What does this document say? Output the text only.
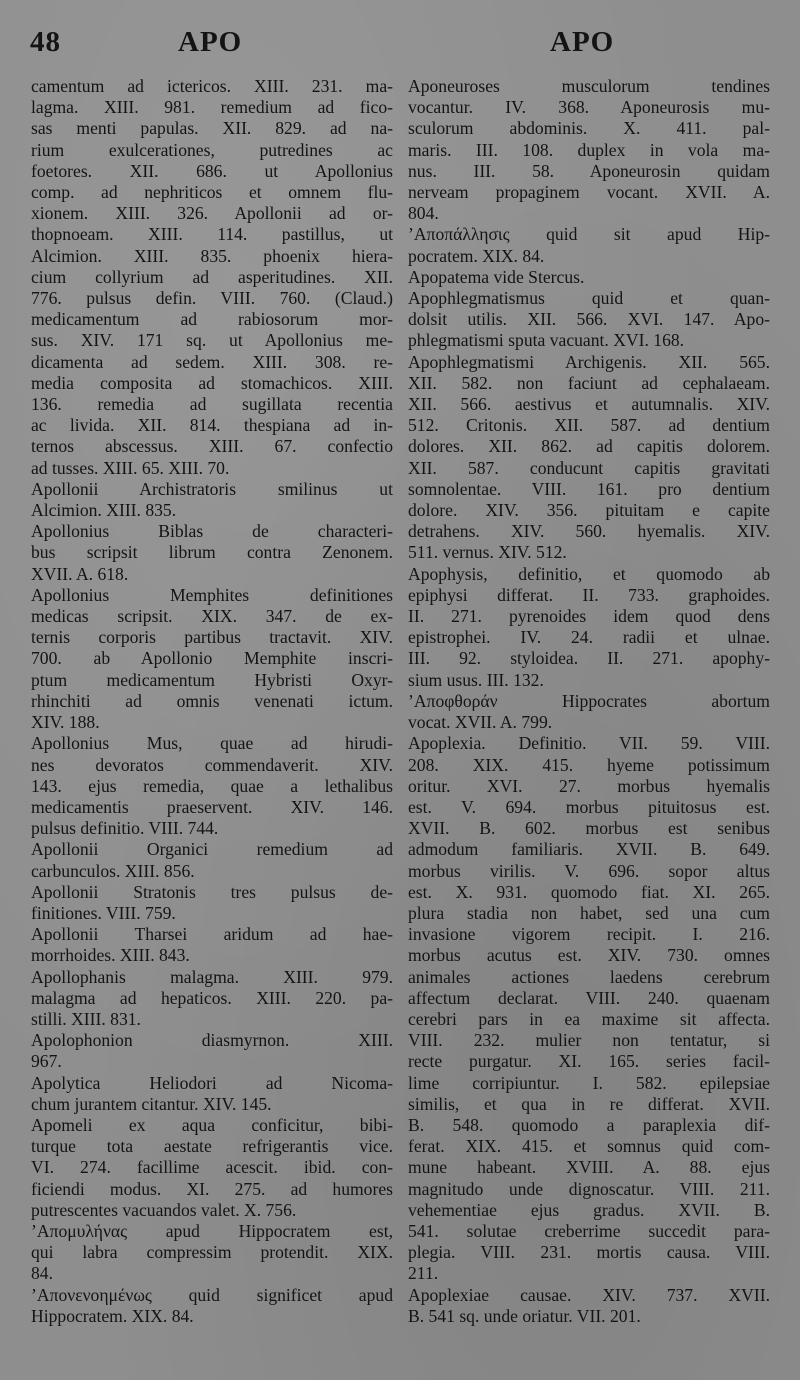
48	APO	APO
camentum ad ictericos. XIII. 231. ma-
lagma. XIII. 981. remedium ad fico-
sas menti papulas. XII. 829. ad na-
rium exulcerationes, putredines ac
foetores. XII. 686. ut Apollonius
comp. ad nephriticos et omnem flu-
xionem. XIII. 326. Apollonii ad or-
thopnoeam. XIII. 114. pastillus, ut
Alcimion. XIII. 835. phoenix hiera-
cium collyrium ad asperitudines. XII.
776. pulsus defin. VIII. 760. (Claud.)
medicamentum ad rabiosorum mor-
sus. XIV. 171 sq. ut Apollonius me-
dicamenta ad sedem. XIII. 308. re-
media composita ad stomachicos. XIII.
136. remedia ad sugillata recentia
ac livida. XII. 814. thespiana ad in-
ternos abscessus. XIII. 67. confectio
ad tusses. XIII. 65. XIII. 70.
Apollonii Archistratoris smilinus ut
Alcimion. XIII. 835.
Apollonius Biblas de characteri-
bus scripsit librum contra Zenonem.
XVII. A. 618.
Apollonius Memphites definitiones
medicas scripsit. XIX. 347. de ex-
ternis corporis partibus tractavit. XIV.
700. ab Apollonio Memphite inscri-
ptum medicamentum Hybristi Oxyr-
rhinchiti ad omnis venenati ictum.
XIV. 188.
Apollonius Mus, quae ad hirudi-
nes devoratos commendaverit. XIV.
143. ejus remedia, quae a lethalibus
medicamentis praeservent. XIV. 146.
pulsus definitio. VIII. 744.
Apollonii Organici remedium ad
carbunculos. XIII. 856.
Apollonii Stratonis tres pulsus de-
finitiones. VIII. 759.
Apollonii Tharsei aridum ad hae-
morrhoides. XIII. 843.
Apollophanis malagma. XIII. 979.
malagma ad hepaticos. XIII. 220. pa-
stilli. XIII. 831.
Apolophonion diasmyrnon. XIII.
967.
Apolytica Heliodori ad Nicoma-
chum jurantem citantur. XIV. 145.
Apomeli ex aqua conficitur, bibi-
turque tota aestate refrigerantis vice.
VI. 274. facillime acescit. ibid. con-
ficiendi modus. XI. 275. ad humores
putrescentes vacuandos valet. X. 756.
ʼΑπομυλήνας apud Hippocratem est,
qui labra compressim protendit. XIX.
84.
ʼΑπονενοημένως quid significet apud
Hippocratem. XIX. 84.
Aponeuroses musculorum tendines
vocantur. IV. 368. Aponeurosis mu-
sculorum abdominis. X. 411. pal-
maris. III. 108. duplex in vola ma-
nus. III. 58. Aponeurosin quidam
nerveam propaginem vocant. XVII. A.
804.
ʼΑποπάλλησις quid sit apud Hip-
pocratem. XIX. 84.
Apopatema vide Stercus.
Apophlegmatismus quid et quan-
dolsit utilis. XII. 566. XVI. 147. Apo-
phlegmatismi sputa vacuant. XVI. 168.
Apophlegmatismi Archigenis. XII. 565.
XII. 582. non faciunt ad cephalaeam.
XII. 566. aestivus et autumnalis. XIV.
512. Critonis. XII. 587. ad dentium
dolores. XII. 862. ad capitis dolorem.
XII. 587. conducunt capitis gravitati
somnolentae. VIII. 161. pro dentium
dolore. XIV. 356. pituitam e capite
detrahens. XIV. 560. hyemalis. XIV.
511. vernus. XIV. 512.
Apophysis, definitio, et quomodo ab
epiphysi differat. II. 733. graphoides.
II. 271. pyrenoides idem quod dens
epistrophei. IV. 24. radii et ulnae.
III. 92. styloidea. II. 271. apophy-
sium usus. III. 132.
ʼΑποφθοράν Hippocrates abortum
vocat. XVII. A. 799.
Apoplexia. Definitio. VII. 59. VIII.
208. XIX. 415. hyeme potissimum
oritur. XVI. 27. morbus hyemalis
est. V. 694. morbus pituitosus est.
XVII. B. 602. morbus est senibus
admodum familiaris. XVII. B. 649.
morbus virilis. V. 696. sopor altus
est. X. 931. quomodo fiat. XI. 265.
plura stadia non habet, sed una cum
invasione vigorem recipit. I. 216.
morbus acutus est. XIV. 730. omnes
animales actiones laedens cerebrum
affectum declarat. VIII. 240. quaenam
cerebri pars in ea maxime sit affecta.
VIII. 232. mulier non tentatur, si
recte purgatur. XI. 165. series facil-
lime corripiuntur. I. 582. epilepsiae
similis, et qua in re differat. XVII.
B. 548. quomodo a paraplexia dif-
ferat. XIX. 415. et somnus quid com-
mune habeant. XVIII. A. 88. ejus
magnitudo unde dignoscatur. VIII. 211.
vehementiae ejus gradus. XVII. B.
541. solutae creberrime succedit para-
plegia. VIII. 231. mortis causa. VIII.
211.
Apoplexiae causae. XIV. 737. XVII.
B. 541 sq. unde oriatur. VII. 201.
